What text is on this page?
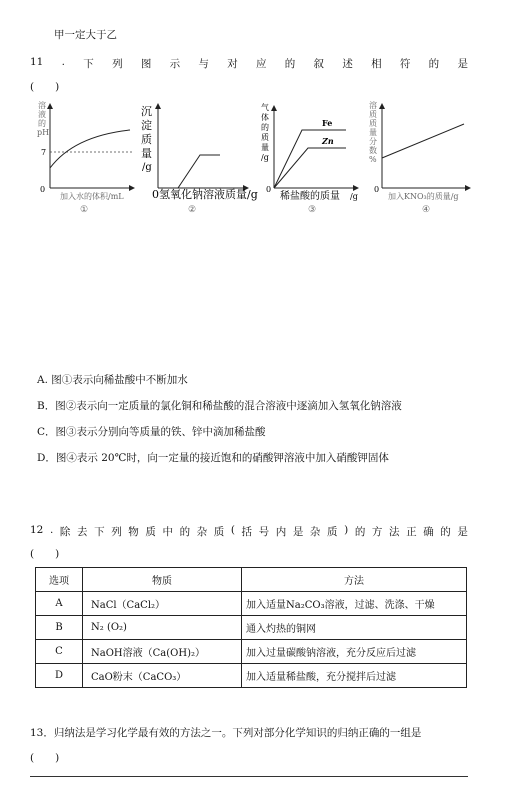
甲一定大于乙
11 . 下 列 图 示 与 对 应 的 叙 述 相 符 的 是
(　　)
溶
液
的
pH
7
0
加入水的体积/mL
①
沉
淀
质
量
/g
0氢氧化钠溶液质量/g
②
气
体
的
质
量
/g
Fe
Zn
0
稀盐酸的质量 /g
③
溶
质
质
量
分
数
%
0
加入KNO₃的质量/g
④
A. 图①表示向稀盐酸中不断加水
B．图②表示向一定质量的氯化铜和稀盐酸的混合溶液中逐滴加入氢氧化钠溶液
C．图③表示分别向等质量的铁、锌中滴加稀盐酸
D．图④表示 20℃时，向一定量的接近饱和的硝酸钾溶液中加入硝酸钾固体
12 . 除 去 下 列 物 质 中 的 杂 质 ( 括 号 内 是 杂 质 ) 的 方 法 正 确 的 是
(　　)
选项	物质	方法
A	NaCl（CaCl₂）	加入适量Na₂CO₃溶液，过滤、洗涤、干燥
B	N₂ (O₂)	通入灼热的铜网
C	NaOH溶液（Ca(OH)₂）	加入过量碳酸钠溶液，充分反应后过滤
D	CaO粉末（CaCO₃）	加入适量稀盐酸，充分搅拌后过滤
13．归纳法是学习化学最有效的方法之一。下列对部分化学知识的归纳正确的一组是
(　　)
